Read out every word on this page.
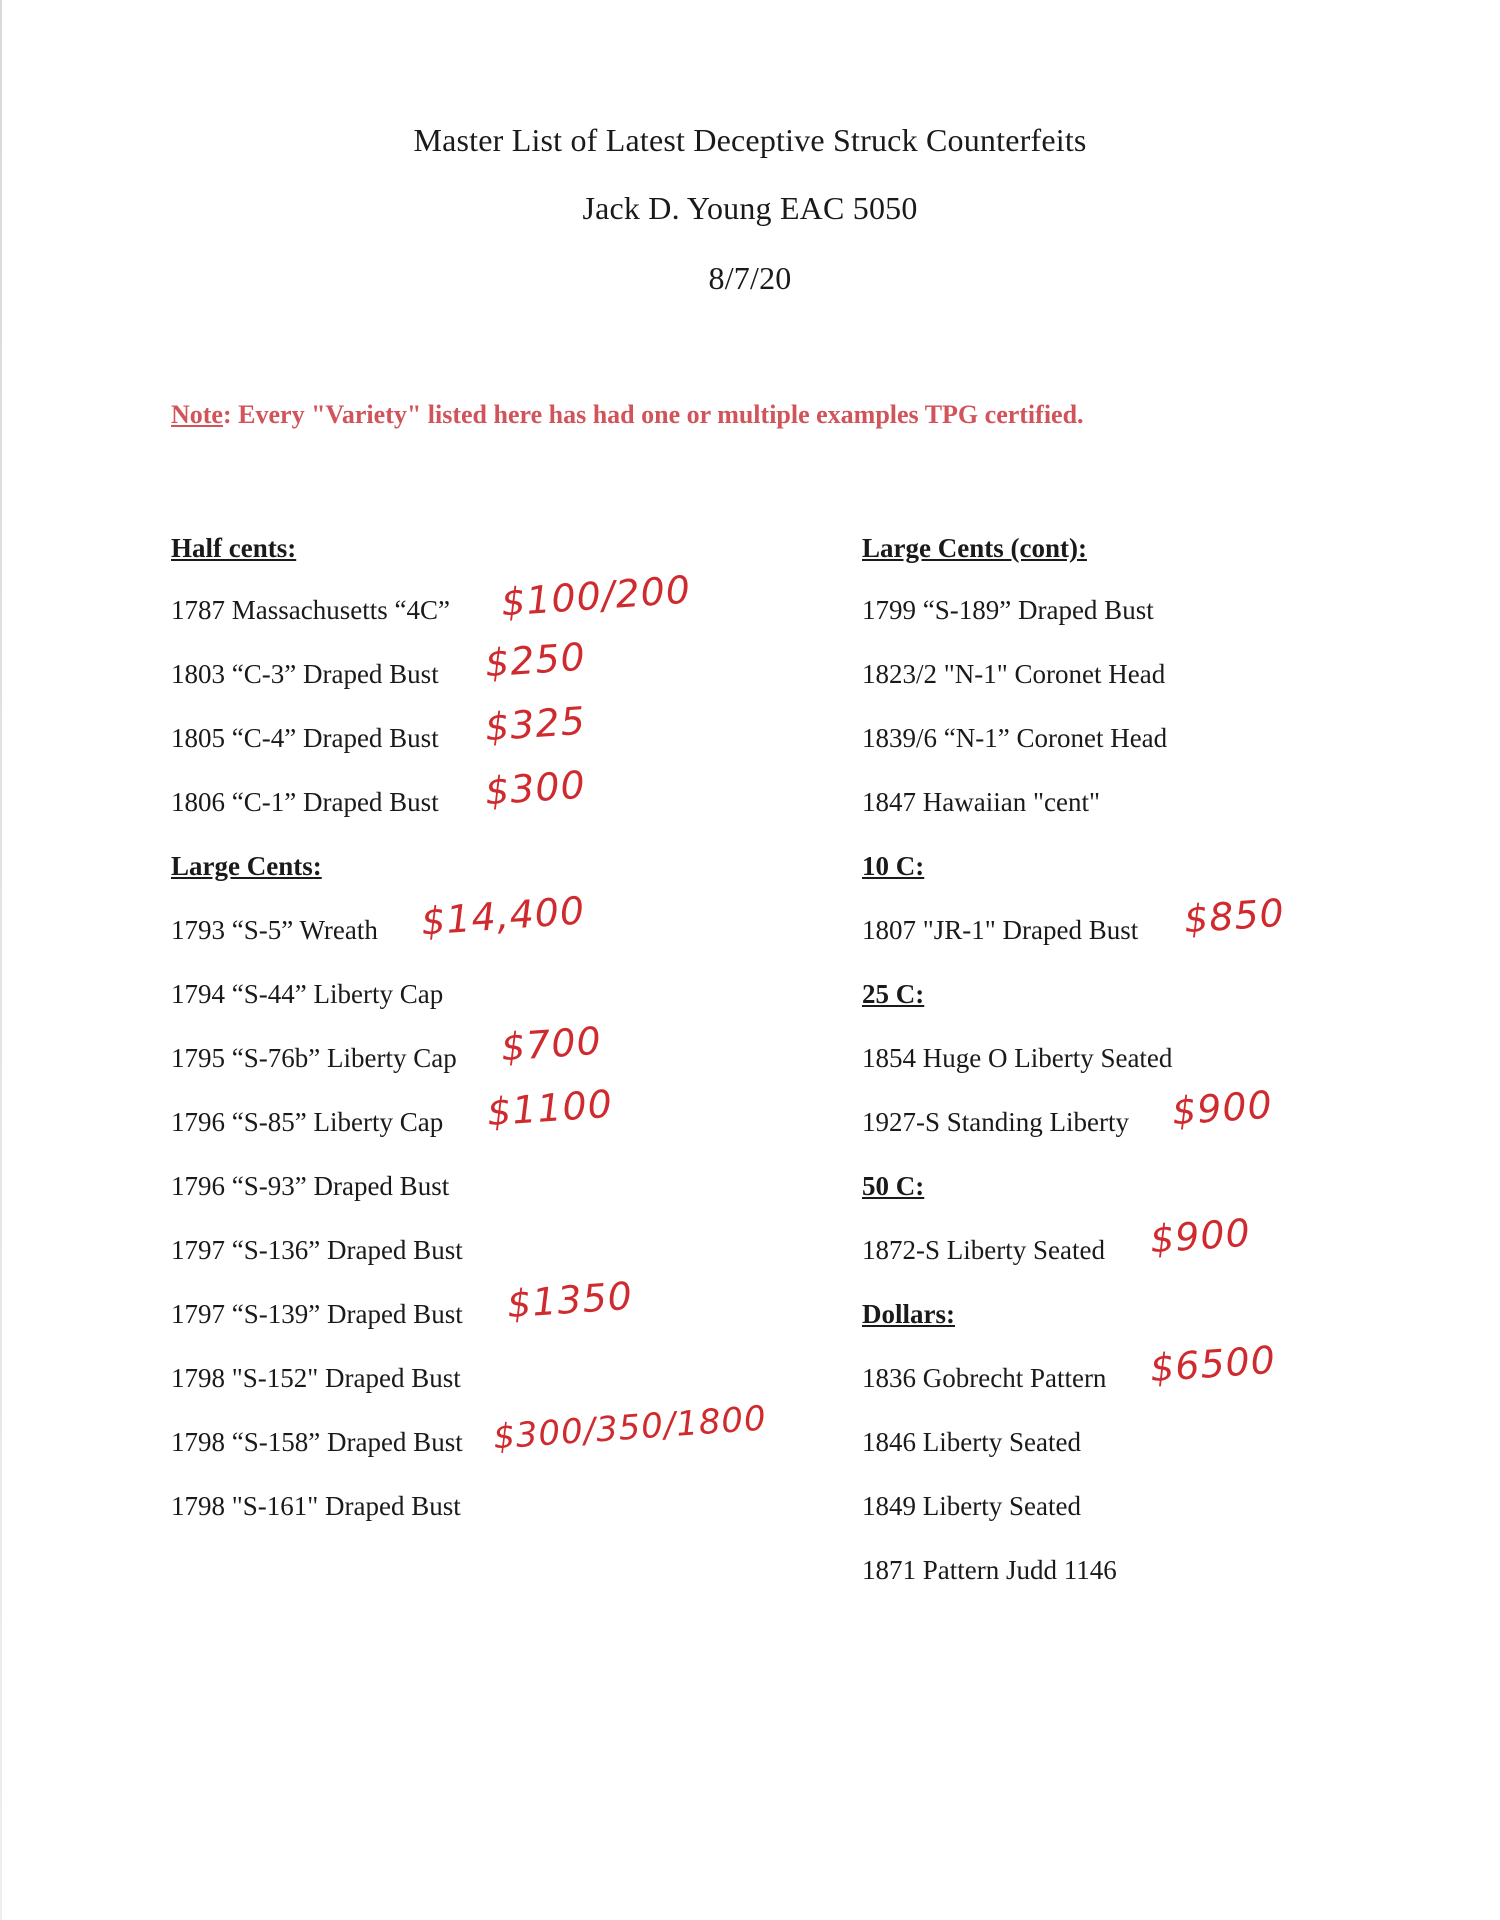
Master List of Latest Deceptive Struck Counterfeits
Jack D. Young EAC 5050
8/7/20
Note: Every "Variety" listed here has had one or multiple examples TPG certified.
Half cents:
1787 Massachusetts “4C” $100/200
1803 “C-3” Draped Bust $250
1805 “C-4” Draped Bust $325
1806 “C-1” Draped Bust $300
Large Cents:
1793 “S-5” Wreath $14,400
1794 “S-44” Liberty Cap
1795 “S-76b” Liberty Cap $700
1796 “S-85” Liberty Cap $1100
1796 “S-93” Draped Bust
1797 “S-136” Draped Bust
1797 “S-139” Draped Bust $1350
1798 "S-152" Draped Bust
1798 “S-158” Draped Bust $300/350/1800
1798 "S-161" Draped Bust
Large Cents (cont):
1799 “S-189” Draped Bust
1823/2 "N-1" Coronet Head
1839/6 “N-1” Coronet Head
1847 Hawaiian "cent"
10 C:
1807 "JR-1" Draped Bust $850
25 C:
1854 Huge O Liberty Seated
1927-S Standing Liberty $900
50 C:
1872-S Liberty Seated $900
Dollars:
1836 Gobrecht Pattern $6500
1846 Liberty Seated
1849 Liberty Seated
1871 Pattern Judd 1146
